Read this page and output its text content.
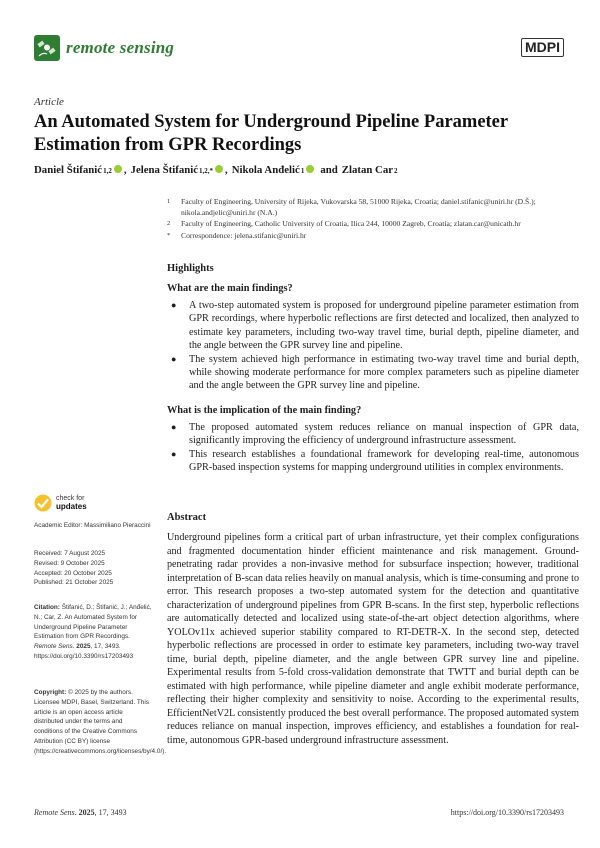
remote sensing	MDPI
Article
An Automated System for Underground Pipeline Parameter Estimation from GPR Recordings
Daniel Štifanić 1,2 , Jelena Štifanić 1,2,* , Nikola Anđelić 1 and Zlatan Car 2
1	Faculty of Engineering, University of Rijeka, Vukovarska 58, 51000 Rijeka, Croatia; daniel.stifanic@uniri.hr (D.Š.); nikola.andjelic@uniri.hr (N.A.)
2	Faculty of Engineering, Catholic University of Croatia, Ilica 244, 10000 Zagreb, Croatia; zlatan.car@unicath.hr
*	Correspondence: jelena.stifanic@uniri.hr
Highlights
What are the main findings?
●	A two-step automated system is proposed for underground pipeline parameter estimation from GPR recordings, where hyperbolic reflections are first detected and localized, then analyzed to estimate key parameters, including two-way travel time, burial depth, pipeline diameter, and the angle between the GPR survey line and pipeline.
●	The system achieved high performance in estimating two-way travel time and burial depth, while showing moderate performance for more complex parameters such as pipeline diameter and the angle between the GPR survey line and pipeline.
What is the implication of the main finding?
●	The proposed automated system reduces reliance on manual inspection of GPR data, significantly improving the efficiency of underground infrastructure assessment.
●	This research establishes a foundational framework for developing real-time, autonomous GPR-based inspection systems for mapping underground utilities in complex environments.
Abstract
Underground pipelines form a critical part of urban infrastructure, yet their complex configurations and fragmented documentation hinder efficient maintenance and risk management. Ground-penetrating radar provides a non-invasive method for subsurface inspection; however, traditional interpretation of B-scan data relies heavily on manual analysis, which is time-consuming and prone to error. This research proposes a two-step automated system for the detection and quantitative characterization of underground pipelines from GPR B-scans. In the first step, hyperbolic reflections are automatically detected and localized using state-of-the-art object detection algorithms, where YOLOv11x achieved superior stability compared to RT-DETR-X. In the second step, detected hyperbolic reflections are processed in order to estimate key parameters, including two-way travel time, burial depth, pipeline diameter, and the angle between GPR survey line and pipeline. Experimental results from 5-fold cross-validation demonstrate that TWTT and burial depth can be estimated with high performance, while pipeline diameter and angle exhibit moderate performance, reflecting their higher complexity and sensitivity to noise. According to the experimental results, EfficientNetV2L consistently produced the best overall performance. The proposed automated system reduces reliance on manual inspection, improves efficiency, and establishes a foundation for real-time, autonomous GPR-based underground infrastructure assessment.
check for
updates
Academic Editor: Massimiliano Pieraccini
Received: 7 August 2025
Revised: 9 October 2025
Accepted: 20 October 2025
Published: 21 October 2025
Citation: Štifanić, D.; Štifanić, J.; Anđelić, N.; Car, Z. An Automated System for Underground Pipeline Parameter Estimation from GPR Recordings. Remote Sens. 2025, 17, 3493. https://doi.org/10.3390/rs17203493
Copyright: © 2025 by the authors. Licensee MDPI, Basel, Switzerland. This article is an open access article distributed under the terms and conditions of the Creative Commons Attribution (CC BY) license (https://creativecommons.org/licenses/by/4.0/).
Remote Sens. 2025, 17, 3493	https://doi.org/10.3390/rs17203493
